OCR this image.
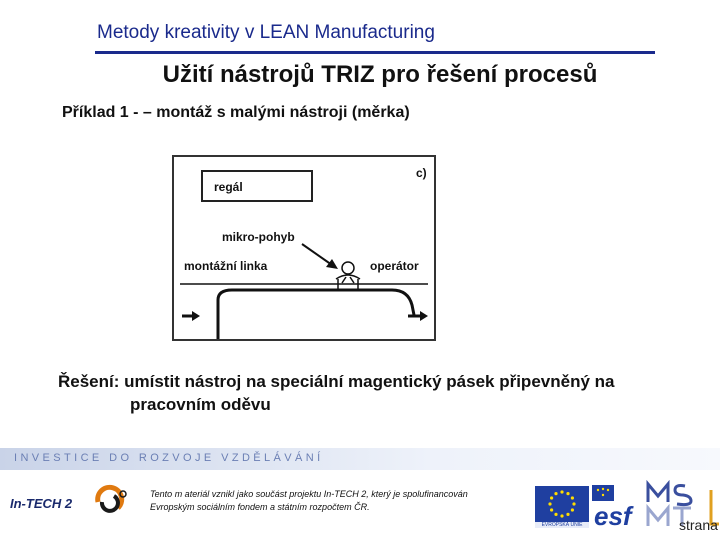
Metody kreativity v LEAN Manufacturing
Užití nástrojů TRIZ pro řešení procesů
Příklad 1 - – montáž s malými nástroji (měrka)
c)
regál
mikro-pohyb
montážní linka	operátor
Řešení: umístit nástroj na speciální magentický pásek připevněný na
pracovním oděvu
INVESTICE DO ROZVOJE VZDĚLÁVÁNÍ
In-TECH 2
Tento m ateriál vznikl jako součást projektu In-TECH 2, který je spolufinancován Evropským sociálním fondem a státním rozpočtem ČR.
EVROPSKÁ UNIE esf	strana
